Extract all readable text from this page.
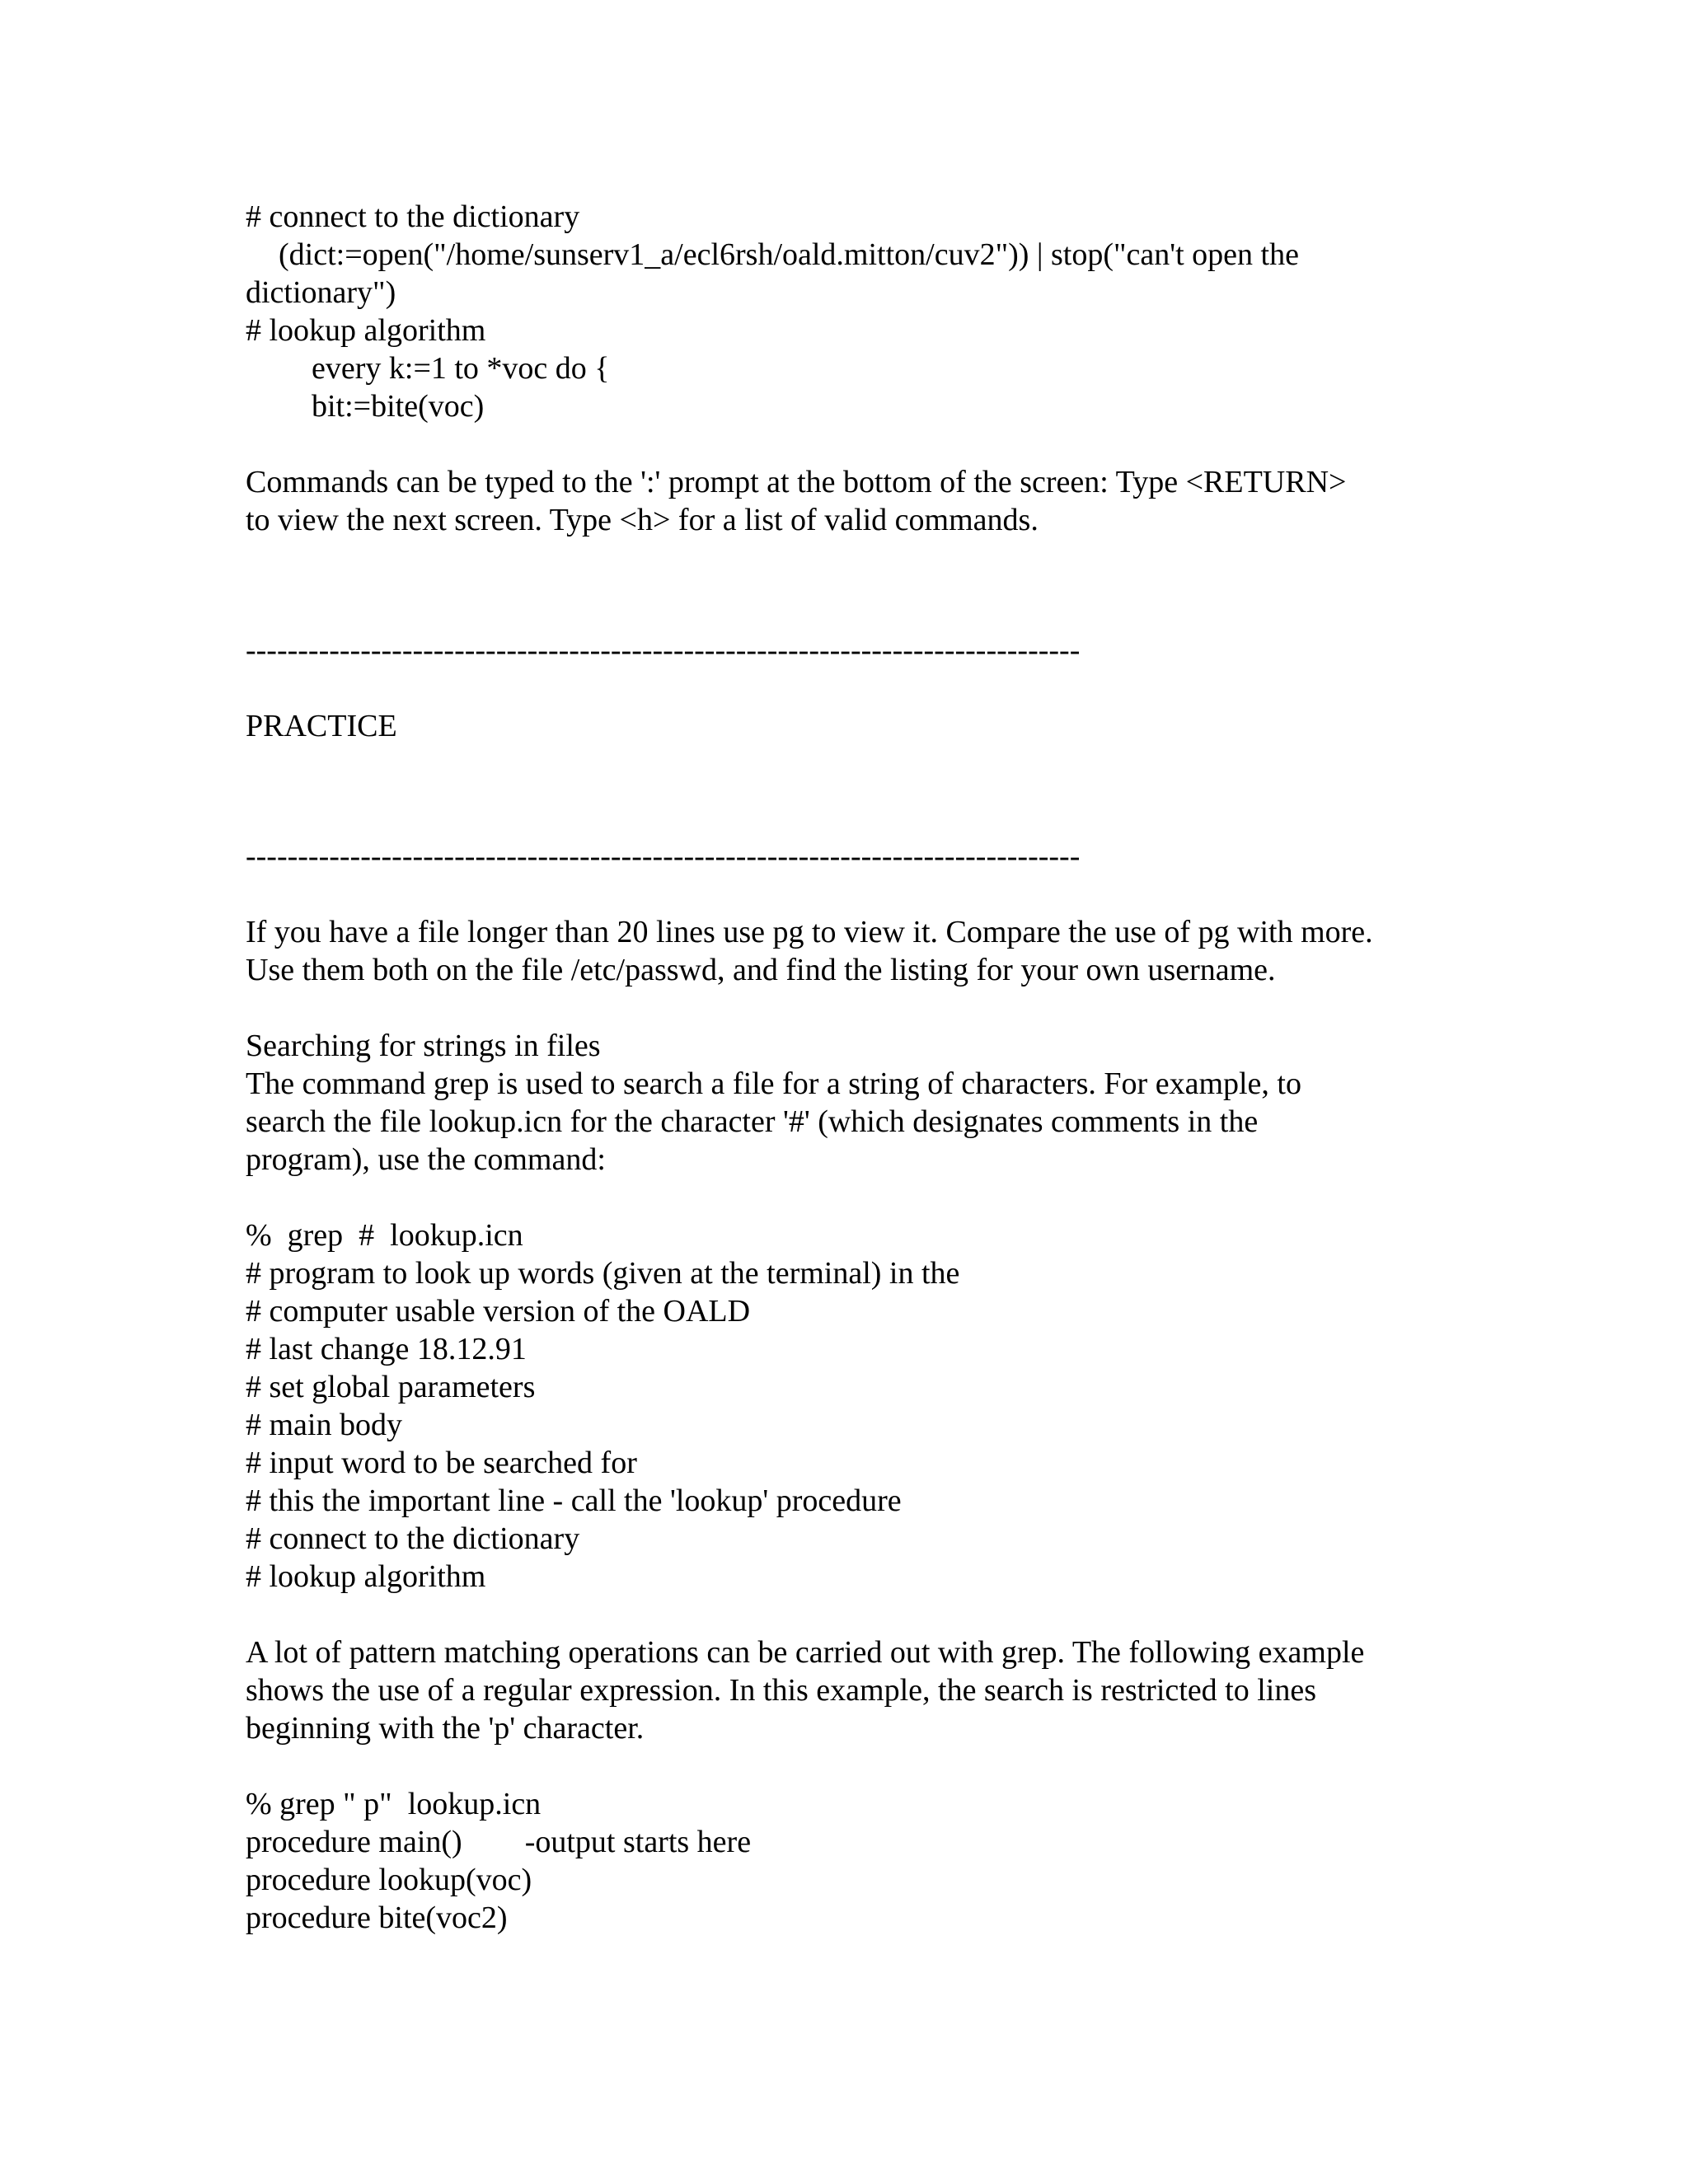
# connect to the dictionary
(dict:=open("/home/sunserv1_a/ecl6rsh/oald.mitton/cuv2")) | stop("can't open the
dictionary")
# lookup algorithm
every k:=1 to *voc do {
bit:=bite(voc)
Commands can be typed to the ':' prompt at the bottom of the screen: Type <RETURN>
to view the next screen. Type <h> for a list of valid commands.
--------------------------------------------------------------------------------
PRACTICE
--------------------------------------------------------------------------------
If you have a file longer than 20 lines use pg to view it. Compare the use of pg with more.
Use them both on the file /etc/passwd, and find the listing for your own username.
Searching for strings in files
The command grep is used to search a file for a string of characters. For example, to
search the file lookup.icn for the character '#' (which designates comments in the
program), use the command:
%  grep  #  lookup.icn
# program to look up words (given at the terminal) in the
# computer usable version of the OALD
# last change 18.12.91
# set global parameters
# main body
# input word to be searched for
# this the important line - call the 'lookup' procedure
# connect to the dictionary
# lookup algorithm
A lot of pattern matching operations can be carried out with grep. The following example
shows the use of a regular expression. In this example, the search is restricted to lines
beginning with the 'p' character.
% grep " p"  lookup.icn
procedure main()        -output starts here
procedure lookup(voc)
procedure bite(voc2)
